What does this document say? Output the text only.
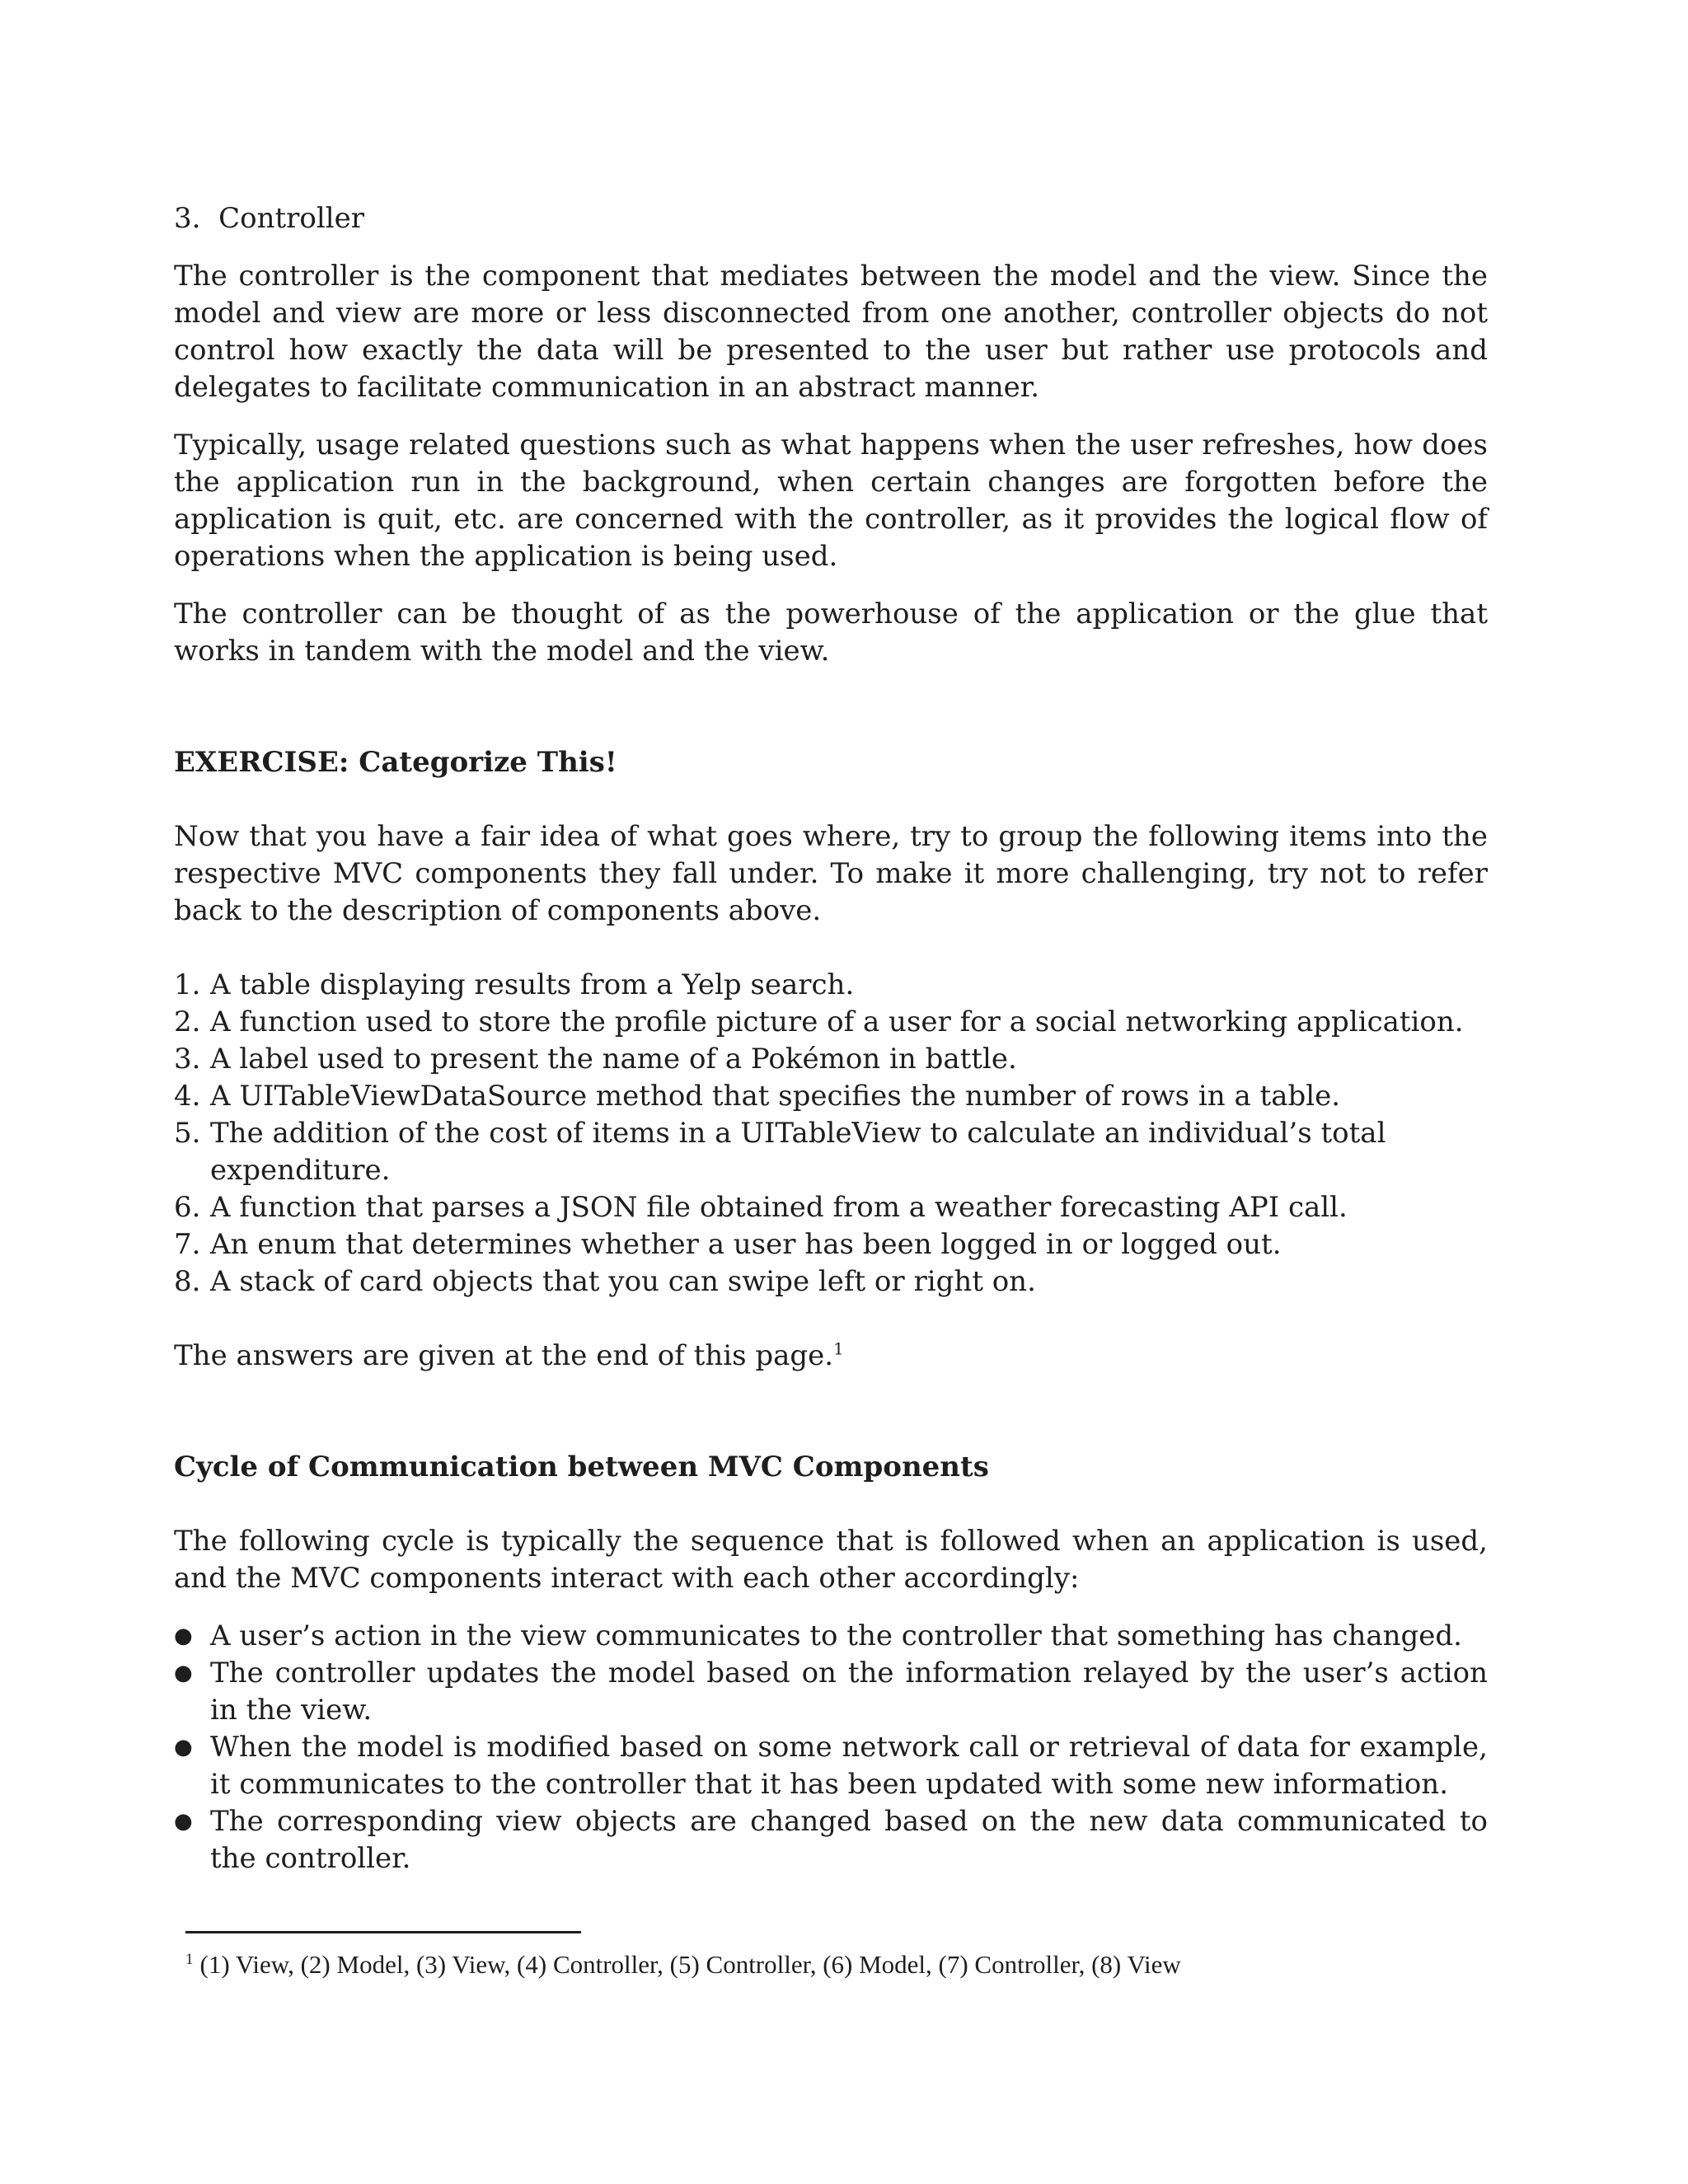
3. Controller

The controller is the component that mediates between the model and the view. Since the model and view are more or less disconnected from one another, controller objects do not control how exactly the data will be presented to the user but rather use protocols and delegates to facilitate communication in an abstract manner.

Typically, usage related questions such as what happens when the user refreshes, how does the application run in the background, when certain changes are forgotten before the application is quit, etc. are concerned with the controller, as it provides the logical flow of operations when the application is being used.

The controller can be thought of as the powerhouse of the application or the glue that works in tandem with the model and the view.

EXERCISE: Categorize This!

Now that you have a fair idea of what goes where, try to group the following items into the respective MVC components they fall under. To make it more challenging, try not to refer back to the description of components above.

1. A table displaying results from a Yelp search.
2. A function used to store the profile picture of a user for a social networking application.
3. A label used to present the name of a Pokémon in battle.
4. A UITableViewDataSource method that specifies the number of rows in a table.
5. The addition of the cost of items in a UITableView to calculate an individual’s total expenditure.
6. A function that parses a JSON file obtained from a weather forecasting API call.
7. An enum that determines whether a user has been logged in or logged out.
8. A stack of card objects that you can swipe left or right on.

The answers are given at the end of this page.$^1$

Cycle of Communication between MVC Components

The following cycle is typically the sequence that is followed when an application is used, and the MVC components interact with each other accordingly:

● A user’s action in the view communicates to the controller that something has changed.
● The controller updates the model based on the information relayed by the user’s action in the view.
● When the model is modified based on some network call or retrieval of data for example, it communicates to the controller that it has been updated with some new information.
● The corresponding view objects are changed based on the new data communicated to the controller.
$^1$ (1) View, (2) Model, (3) View, (4) Controller, (5) Controller, (6) Model, (7) Controller, (8) View
